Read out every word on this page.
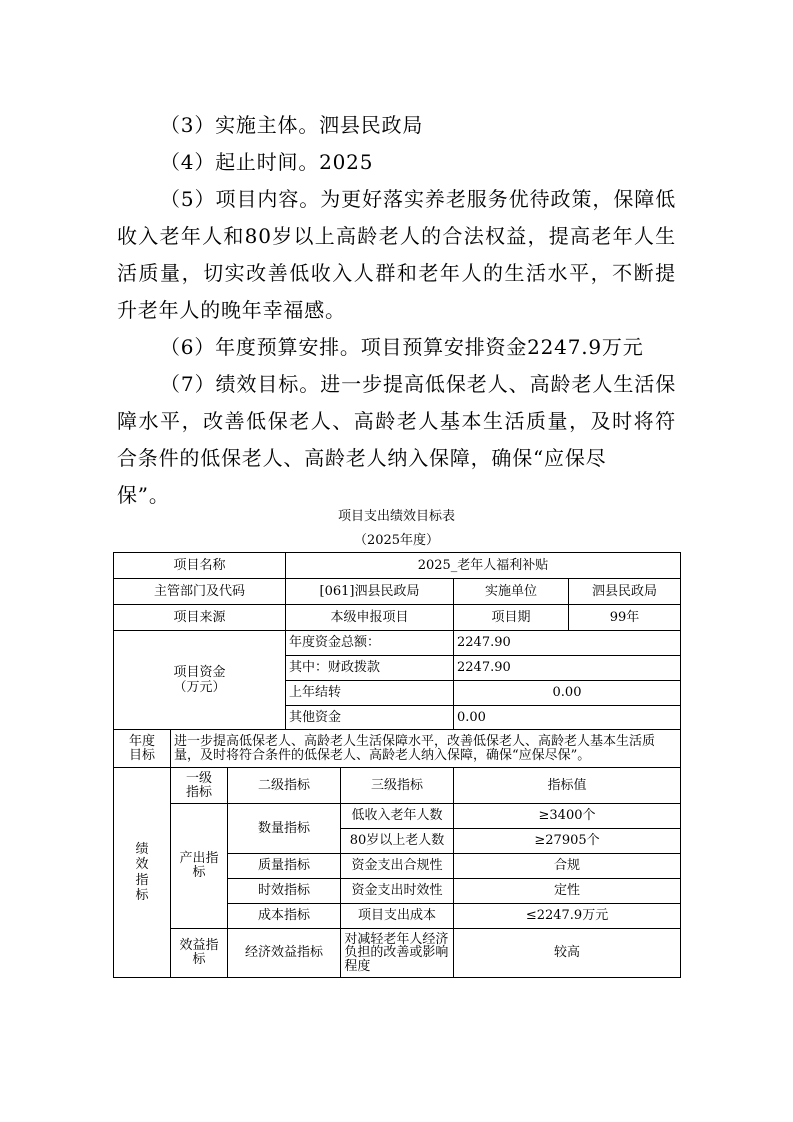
（3）实施主体。泗县民政局
（4）起止时间。2025
（5）项目内容。为更好落实养老服务优待政策，保障低
收入老年人和80岁以上高龄老人的合法权益，提高老年人生
活质量，切实改善低收入人群和老年人的生活水平，不断提
升老年人的晚年幸福感。
（6）年度预算安排。项目预算安排资金2247.9万元
（7）绩效目标。进一步提高低保老人、高龄老人生活保
障水平，改善低保老人、高龄老人基本生活质量，及时将符
合条件的低保老人、高龄老人纳入保障，确保“应保尽
保”。
项目支出绩效目标表
（2025年度）
项目名称			2025_老年人福利补贴			
主管部门及代码			[061]泗县民政局		实施单位	泗县民政局
项目来源			本级申报项目		项目期	99年
项目资金（万元）			年度资金总额：		2247.90	
			其中：财政拨款		2247.90	
			上年结转		0.00	
			其他资金		0.00	
年度目标	进一步提高低保老人、高龄老人生活保障水平，改善低保老人、高龄老人基本生活质量，及时将符合条件的低保老人、高龄老人纳入保障，确保“应保尽保”。					

绩效指标	一级指标	二级指标		三级指标	指标值	
	产出指标	数量指标		低收入老年人数	≥3400个	
				80岁以上老人数	≥27905个	
		质量指标		资金支出合规性	合规	
		时效指标		资金支出时效性	定性	
		成本指标		项目支出成本	≤2247.9万元	
	效益指标	经济效益指标		对减轻老年人经济负担的改善或影响程度	较高	
